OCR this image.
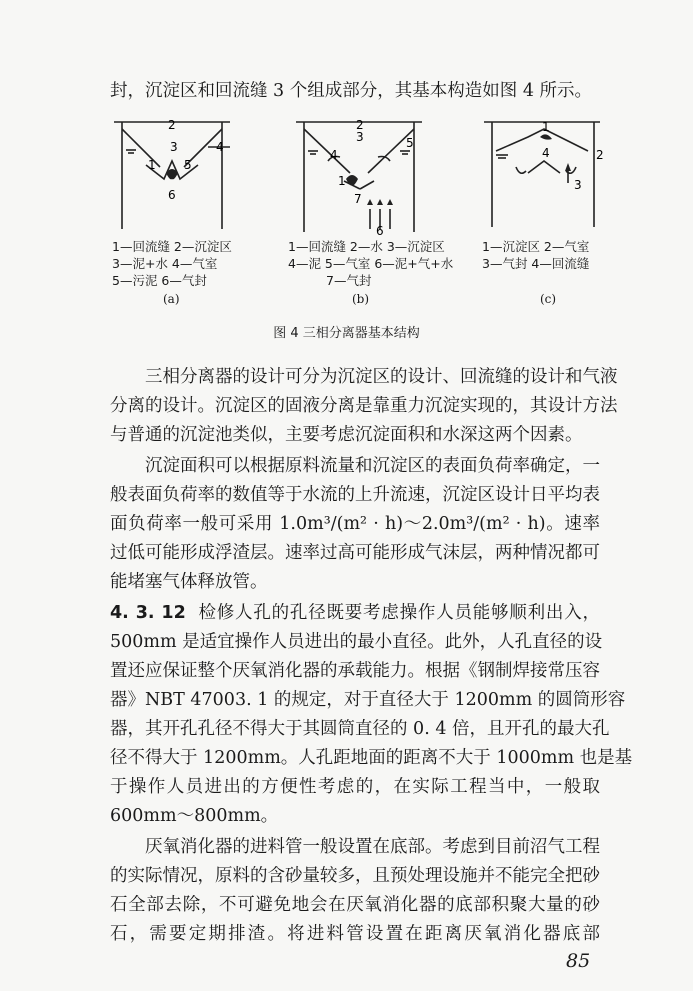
封，沉淀区和回流缝 3 个组成部分，其基本构造如图 4 所示。
2
3
1 5
4
6
1—回流缝 2—沉淀区
3—泥+水 4—气室
5—污泥 6—气封
(a)
2
3
4
5
1
7
6
1—回流缝 2—水 3—沉淀区
4—泥 5—气室 6—泥+气+水
7—气封
(b)
1
4	2
3
1—沉淀区 2—气室
3—气封 4—回流缝
(c)
图 4 三相分离器基本结构
三相分离器的设计可分为沉淀区的设计、回流缝的设计和气液
分离的设计。沉淀区的固液分离是靠重力沉淀实现的，其设计方法
与普通的沉淀池类似，主要考虑沉淀面积和水深这两个因素。
沉淀面积可以根据原料流量和沉淀区的表面负荷率确定，一
般表面负荷率的数值等于水流的上升流速，沉淀区设计日平均表
面负荷率一般可采用 1.0m³/(m² · h)～2.0m³/(m² · h)。速率
过低可能形成浮渣层。速率过高可能形成气沫层，两种情况都可
能堵塞气体释放管。
4. 3. 12 检修人孔的孔径既要考虑操作人员能够顺利出入，
500mm 是适宜操作人员进出的最小直径。此外，人孔直径的设
置还应保证整个厌氧消化器的承载能力。根据《钢制焊接常压容
器》NBT 47003. 1 的规定，对于直径大于 1200mm 的圆筒形容
器，其开孔孔径不得大于其圆筒直径的 0. 4 倍，且开孔的最大孔
径不得大于 1200mm。人孔距地面的距离不大于 1000mm 也是基
于操作人员进出的方便性考虑的，在实际工程当中，一般取
600mm～800mm。
厌氧消化器的进料管一般设置在底部。考虑到目前沼气工程
的实际情况，原料的含砂量较多，且预处理设施并不能完全把砂
石全部去除，不可避免地会在厌氧消化器的底部积聚大量的砂
石，需要定期排渣。将进料管设置在距离厌氧消化器底部
85
